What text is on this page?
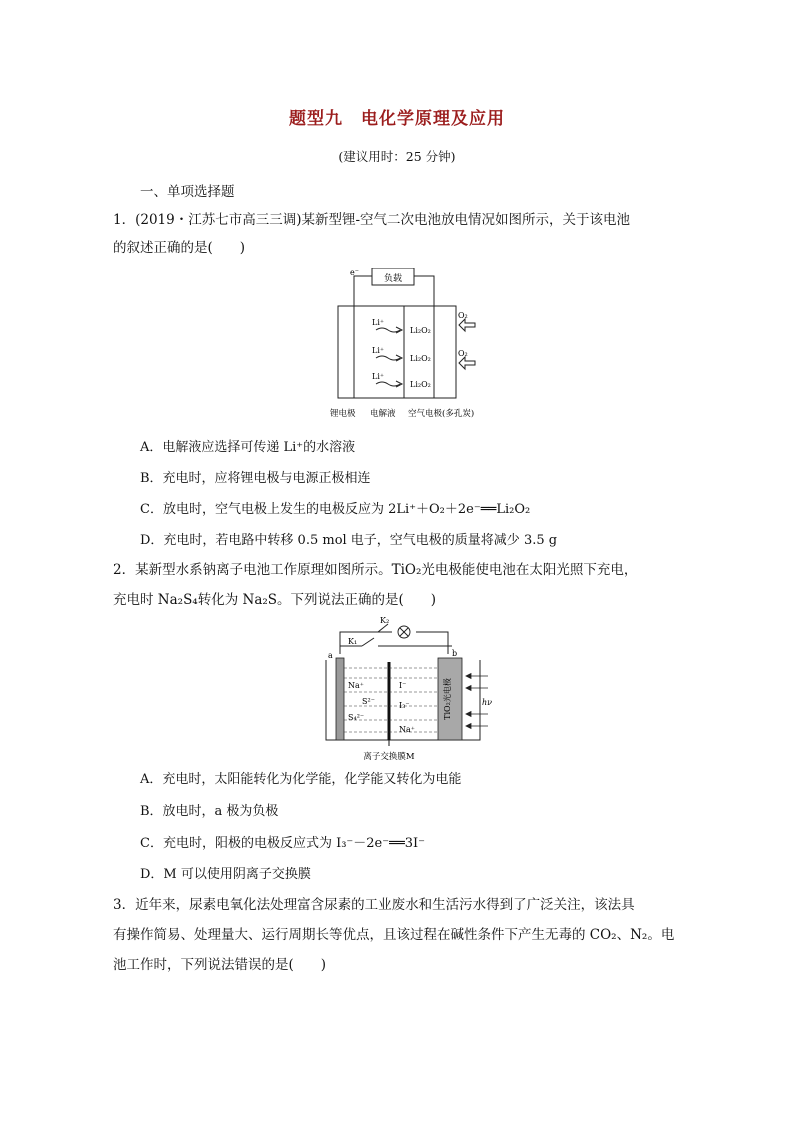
题型九　电化学原理及应用
(建议用时：25 分钟)
一、单项选择题
1．(2019・江苏七市高三三调)某新型锂-空气二次电池放电情况如图所示，关于该电池
的叙述正确的是(　　)
e⁻
负载
Li⁺
Li⁺
Li⁺
Li₂O₂
Li₂O₂
Li₂O₂
O₂
O₂
锂电极 电解液 空气电极(多孔炭)
A．电解液应选择可传递 Li⁺的水溶液
B．充电时，应将锂电极与电源正极相连
C．放电时，空气电极上发生的电极反应为 2Li⁺＋O₂＋2e⁻══Li₂O₂
D．充电时，若电路中转移 0.5 mol 电子，空气电极的质量将减少 3.5 g
2．某新型水系钠离子电池工作原理如图所示。TiO₂光电极能使电池在太阳光照下充电，
充电时 Na₂S₄转化为 Na₂S。下列说法正确的是(　　)
K₁
K₂
a	b
Na⁺
S²⁻
S₄²⁻
I⁻
I₃⁻
Na⁺
TiO₂光电极	hν
离子交换膜M
A．充电时，太阳能转化为化学能，化学能又转化为电能
B．放电时，a 极为负极
C．充电时，阳极的电极反应式为 I₃⁻－2e⁻══3I⁻
D．M 可以使用阴离子交换膜
3．近年来，尿素电氧化法处理富含尿素的工业废水和生活污水得到了广泛关注，该法具
有操作简易、处理量大、运行周期长等优点，且该过程在碱性条件下产生无毒的 CO₂、N₂。电
池工作时，下列说法错误的是(　　)
